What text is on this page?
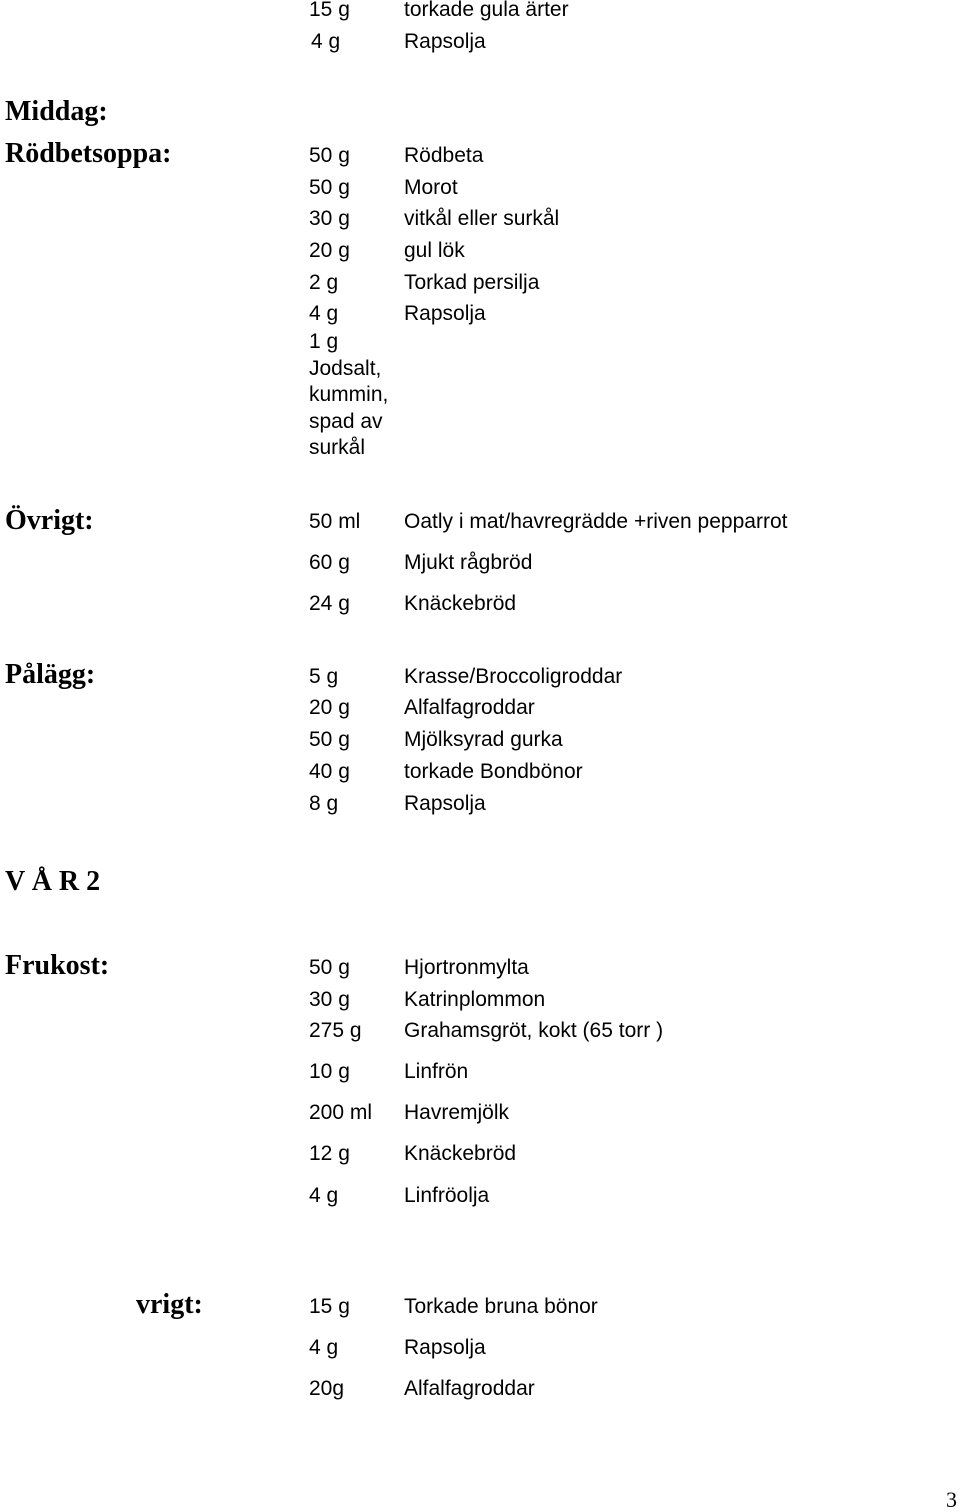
15 g	torkade gula ärter
4 g	Rapsolja
Middag:
Rödbetsoppa:	50 g	Rödbeta
50 g	Morot
30 g	vitkål eller surkål
20 g	gul lök
2 g	Torkad persilja
4 g	Rapsolja
1 g Jodsalt, kummin, spad av surkål
Övrigt:	50 ml Oatly i mat/havregrädde +riven pepparrot
60 g	Mjukt rågbröd
24 g	Knäckebröd
Pålägg:	5 g	Krasse/Broccoligroddar
20 g	Alfalfagroddar
50 g	Mjölksyrad gurka
40 g	torkade Bondbönor
8 g	Rapsolja
V Å R 2
Frukost:	50 g	Hjortronmylta
30 g	Katrinplommon
275 g Grahamsgröt, kokt (65 torr )
10 g	Linfrön
200 ml Havremjölk
12 g	Knäckebröd
4 g	Linfröolja
vrigt:	15 g	Torkade bruna bönor
4 g	Rapsolja
20g	Alfalfagroddar
3
